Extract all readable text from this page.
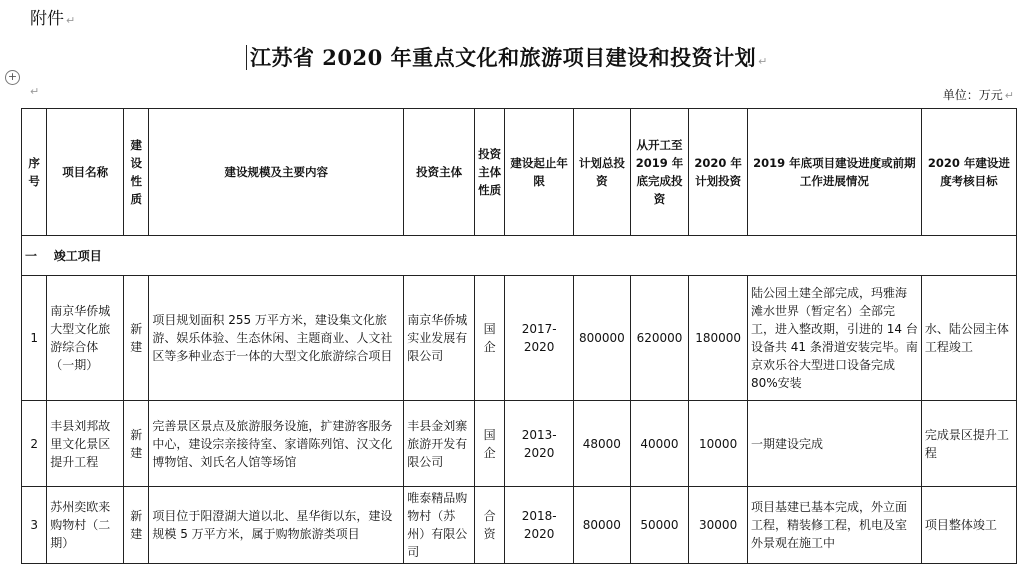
附件 ↵
江苏省 2020 年重点文化和旅游项目建设和投资计划 ↵
+
↵	单位：万元 ↵
序号	项目名称	建设性质	建设规模及主要内容	投资主体	投资主体性质	建设起止年限	计划总投资	从开工至 2019 年底完成投资	2020 年计划投资	2019 年底项目建设进度或前期工作进展情况	2020 年建设进度考核目标
一 竣工项目											
1	南京华侨城大型文化旅游综合体（一期）	新建	项目规划面积 255 万平方米，建设集文化旅游、娱乐体验、生态休闲、主题商业、人文社区等多种业态于一体的大型文化旅游综合项目	南京华侨城实业发展有限公司	国企	2017-2020	800000	620000	180000	陆公园土建全部完成，玛雅海滩水世界（暂定名）全部完工，进入整改期，引进的 14 台设备共 41 条滑道安装完毕。南京欢乐谷大型进口设备完成 80%安装	水、陆公园主体工程竣工
2	丰县刘邦故里文化景区提升工程	新建	完善景区景点及旅游服务设施，扩建游客服务中心，建设宗亲接待室、家谱陈列馆、汉文化博物馆、刘氏名人馆等场馆	丰县金刘寨旅游开发有限公司	国企	2013-2020	48000	40000	10000	一期建设完成	完成景区提升工程
3	苏州奕欧来购物村（二期）	新建	项目位于阳澄湖大道以北、星华街以东，建设规模 5 万平方米，属于购物旅游类项目	唯泰精品购物村（苏州）有限公司	合资	2018-2020	80000	50000	30000	项目基建已基本完成，外立面工程，精装修工程，机电及室外景观在施工中	项目整体竣工
